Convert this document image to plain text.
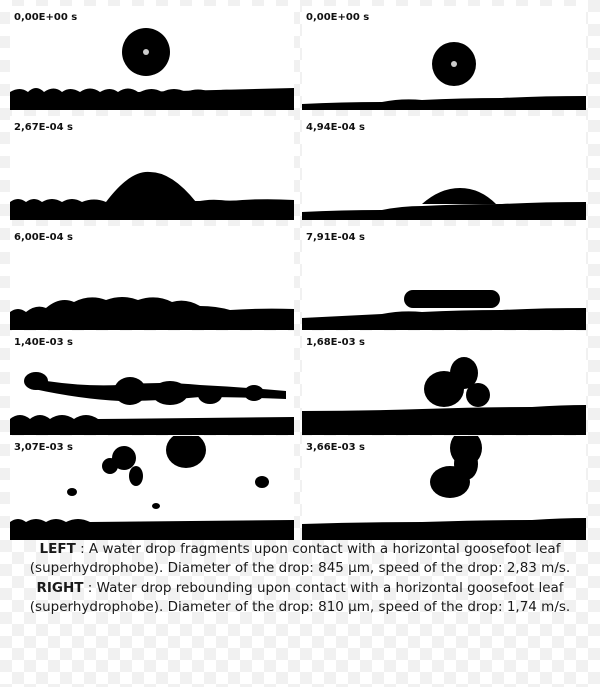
0,00E+00 s
2,67E-04 s
6,00E-04 s
1,40E-03 s
3,07E-03 s
0,00E+00 s
4,94E-04 s
7,91E-04 s
1,68E-03 s
3,66E-03 s

LEFT : A water drop fragments upon contact with a horizontal goosefoot leaf (superhydrophobe). Diameter of the drop: 845 µm, speed of the drop: 2,83 m/s.

RIGHT : Water drop rebounding upon contact with a horizontal goosefoot leaf (superhydrophobe). Diameter of the drop: 810 µm, speed of the drop: 1,74 m/s.
